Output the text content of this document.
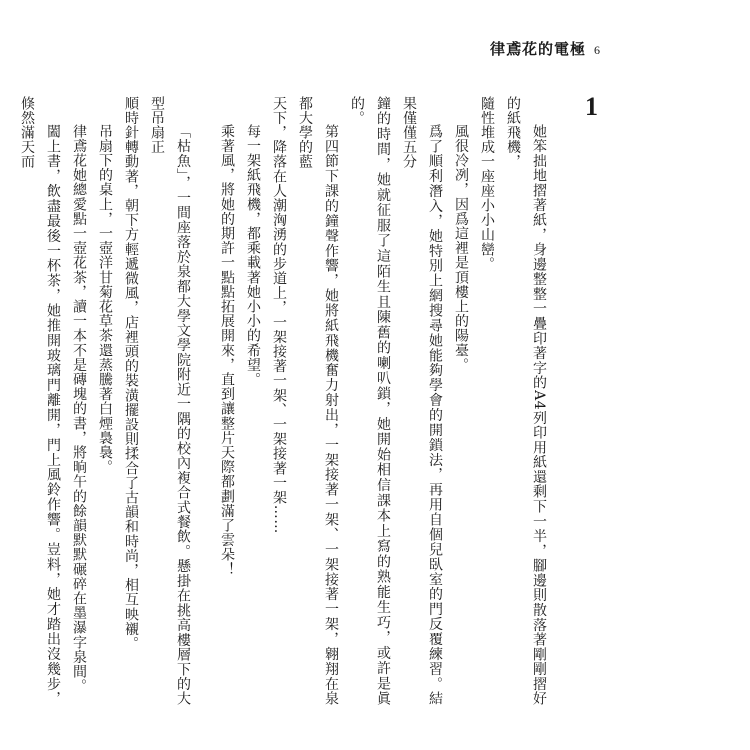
律鳶花的電極 6
1

她笨拙地摺著紙，身邊整整一疊印著字的A4列印用紙還剩下一半，腳邊則散落著剛剛摺好的紙飛機，

隨性堆成一座座小小山巒。

風很冷冽，因爲這裡是頂樓上的陽臺。

爲了順利潛入，她特別上網搜尋她能夠學會的開鎖法，再用自個兒臥室的門反覆練習。結果僅僅五分

鐘的時間，她就征服了這陌生且陳舊的喇叭鎖，她開始相信課本上寫的熟能生巧，或許是眞的。

第四節下課的鐘聲作響，她將紙飛機奮力射出，一架接著一架、一架接著一架，翱翔在泉都大學的藍

天下，降落在人潮洶湧的步道上，一架接著一架、一架接著一架……

每一架紙飛機，都乘載著她小小的希望。

乘著風，將她的期許一點點拓展開來，直到讓整片天際都劃滿了雲朵！

「枯魚」，一間座落於泉都大學文學院附近一隅的校內複合式餐飲。懸掛在挑高樓層下的大型吊扇正

順時針轉動著，朝下方輕遞微風，店裡頭的裝潢擺設則揉合了古韻和時尚，相互映襯。

吊扇下的桌上，一壺洋甘菊花草茶還蒸騰著白煙裊裊。

律鳶花她總愛點一壺花茶，讀一本不是磚塊的書，將晌午的餘韻默默碾碎在墨瀑字泉間。

闔上書，飲盡最後一杯茶，她推開玻璃門離開，門上風鈴作響。豈料，她才踏出沒幾步，倏然滿天而
